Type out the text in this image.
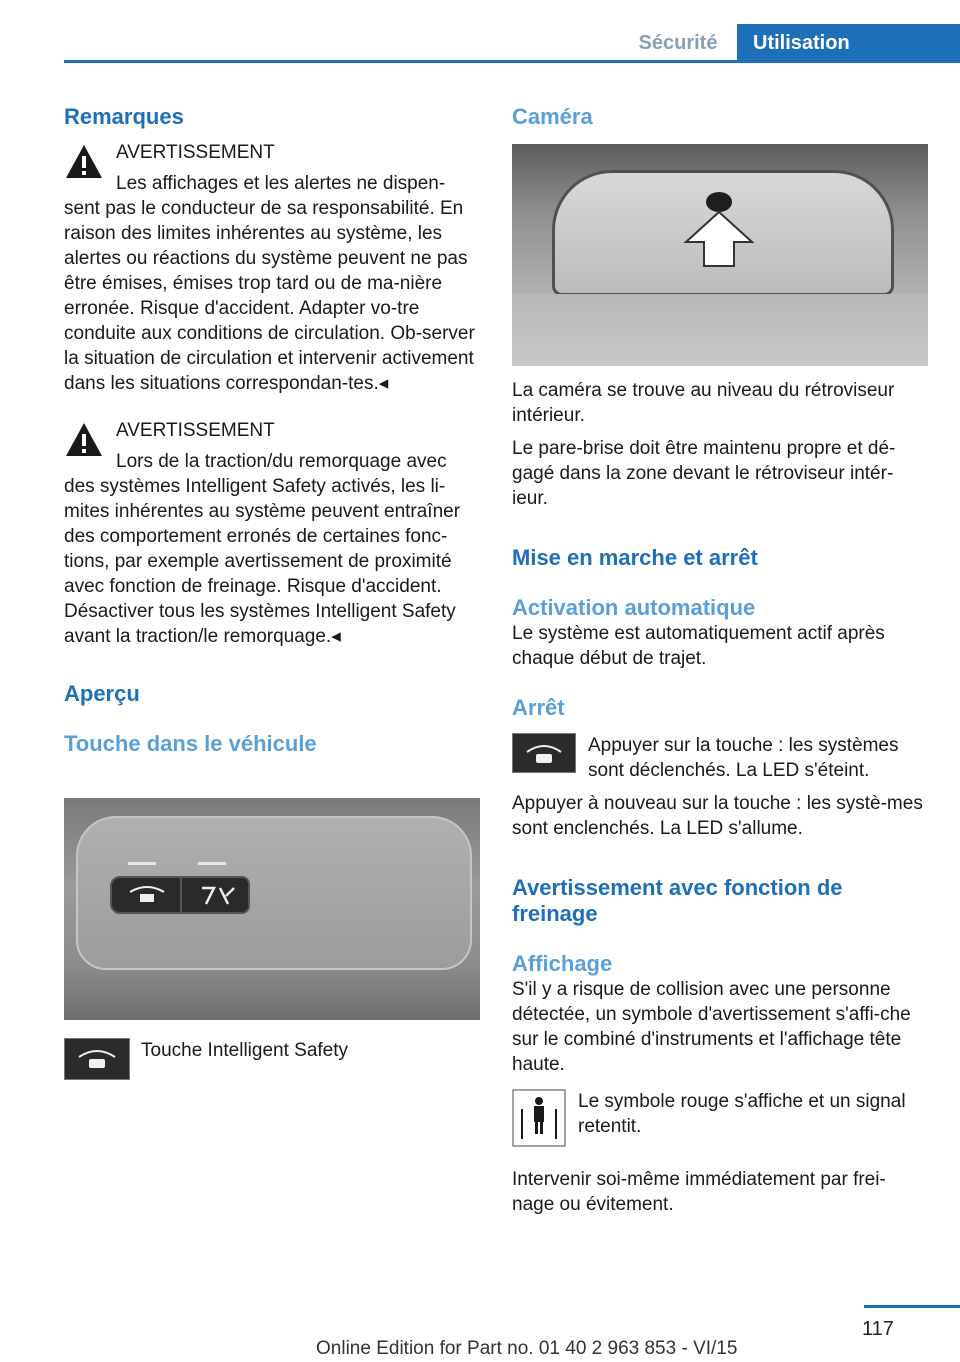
Sécurité	Utilisation
Remarques
AVERTISSEMENT
Les affichages et les alertes ne dispen-

sent pas le conducteur de sa responsabilité. En raison des limites inhérentes au système, les alertes ou réactions du système peuvent ne pas être émises, émises trop tard ou de ma-nière erronée. Risque d'accident. Adapter vo-tre conduite aux conditions de circulation. Ob-server la situation de circulation et intervenir activement dans les situations correspondan-tes.◂

AVERTISSEMENT
Lors de la traction/du remorquage avec

des systèmes Intelligent Safety activés, les li-mites inhérentes au système peuvent entraîner des comportement erronés de certaines fonc-tions, par exemple avertissement de proximité avec fonction de freinage. Risque d'accident. Désactiver tous les systèmes Intelligent Safety avant la traction/le remorquage.◂

Aperçu
Touche dans le véhicule
Touche Intelligent Safety
Caméra

La caméra se trouve au niveau du rétroviseur intérieur.

Le pare-brise doit être maintenu propre et dé-gagé dans la zone devant le rétroviseur intér-ieur.

Mise en marche et arrêt
Activation automatique

Le système est automatiquement actif après chaque début de trajet.

Arrêt

Appuyer sur la touche : les systèmes sont déclenchés. La LED s'éteint.

Appuyer à nouveau sur la touche : les systè-mes sont enclenchés. La LED s'allume.

Avertissement avec fonction de freinage
Affichage

S'il y a risque de collision avec une personne détectée, un symbole d'avertissement s'affi-che sur le combiné d'instruments et l'affichage tête haute.

Le symbole rouge s'affiche et un signal retentit.

Intervenir soi-même immédiatement par frei-nage ou évitement.

117
Online Edition for Part no. 01 40 2 963 853 - VI/15
